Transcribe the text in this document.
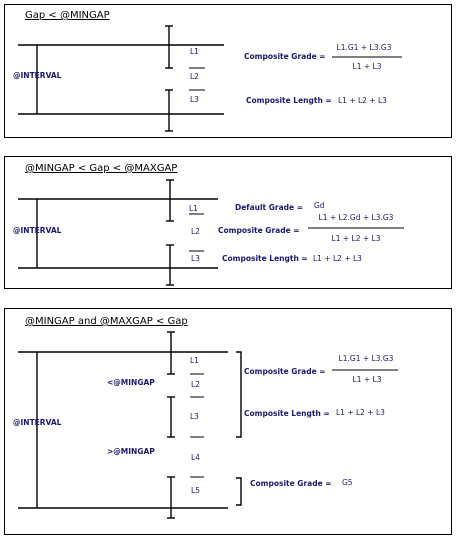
Gap < @MINGAP
@INTERVAL
L1
L2
L3
Composite Grade =
L1.G1 + L3.G3
L1 + L3
Composite Length = L1 + L2 + L3
@MINGAP < Gap < @MAXGAP
@INTERVAL
L1
L2
L3
Default Grade = Gd
Composite Grade =
L1 + L2.Gd + L3.G3
L1 + L2 + L3
Composite Length = L1 + L2 + L3
@MINGAP and @MAXGAP < Gap
@INTERVAL
L1
L2
L3
L4
L5
<@MINGAP
>@MINGAP
Composite Grade =
L1.G1 + L3.G3
L1 + L3
Composite Length = L1 + L2 + L3
Composite Grade = G5
